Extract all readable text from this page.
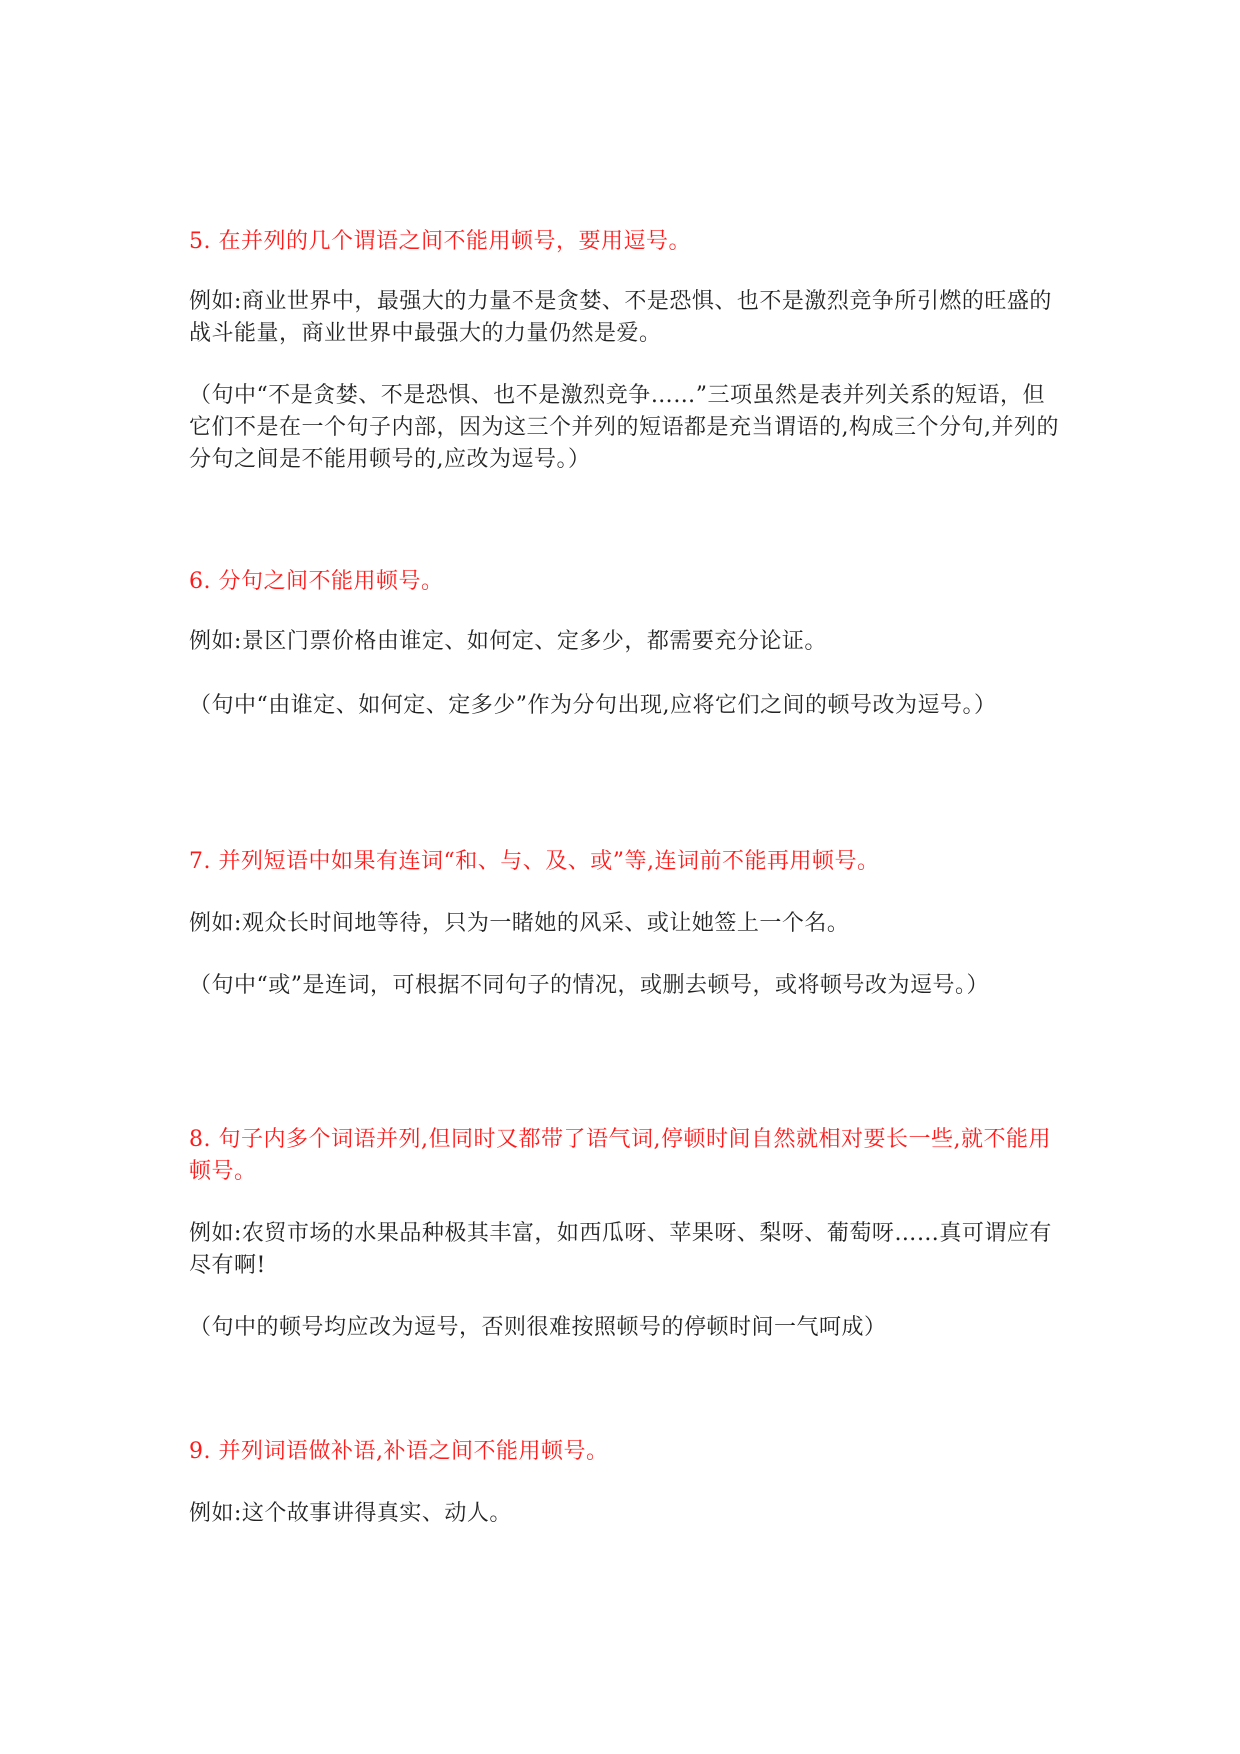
5. 在并列的几个谓语之间不能用顿号，要用逗号。

例如:商业世界中，最强大的力量不是贪婪、不是恐惧、也不是激烈竞争所引燃的旺盛的战斗能量，商业世界中最强大的力量仍然是爱。

（句中“不是贪婪、不是恐惧、也不是激烈竞争……”三项虽然是表并列关系的短语，但它们不是在一个句子内部，因为这三个并列的短语都是充当谓语的,构成三个分句,并列的分句之间是不能用顿号的,应改为逗号。）

6. 分句之间不能用顿号。

例如:景区门票价格由谁定、如何定、定多少，都需要充分论证。

（句中“由谁定、如何定、定多少”作为分句出现,应将它们之间的顿号改为逗号。）

7. 并列短语中如果有连词“和、与、及、或”等,连词前不能再用顿号。

例如:观众长时间地等待，只为一睹她的风采、或让她签上一个名。

（句中“或”是连词，可根据不同句子的情况，或删去顿号，或将顿号改为逗号。）

8. 句子内多个词语并列,但同时又都带了语气词,停顿时间自然就相对要长一些,就不能用顿号。

例如:农贸市场的水果品种极其丰富，如西瓜呀、苹果呀、梨呀、葡萄呀……真可谓应有尽有啊!

（句中的顿号均应改为逗号，否则很难按照顿号的停顿时间一气呵成）

9. 并列词语做补语,补语之间不能用顿号。

例如:这个故事讲得真实、动人。
